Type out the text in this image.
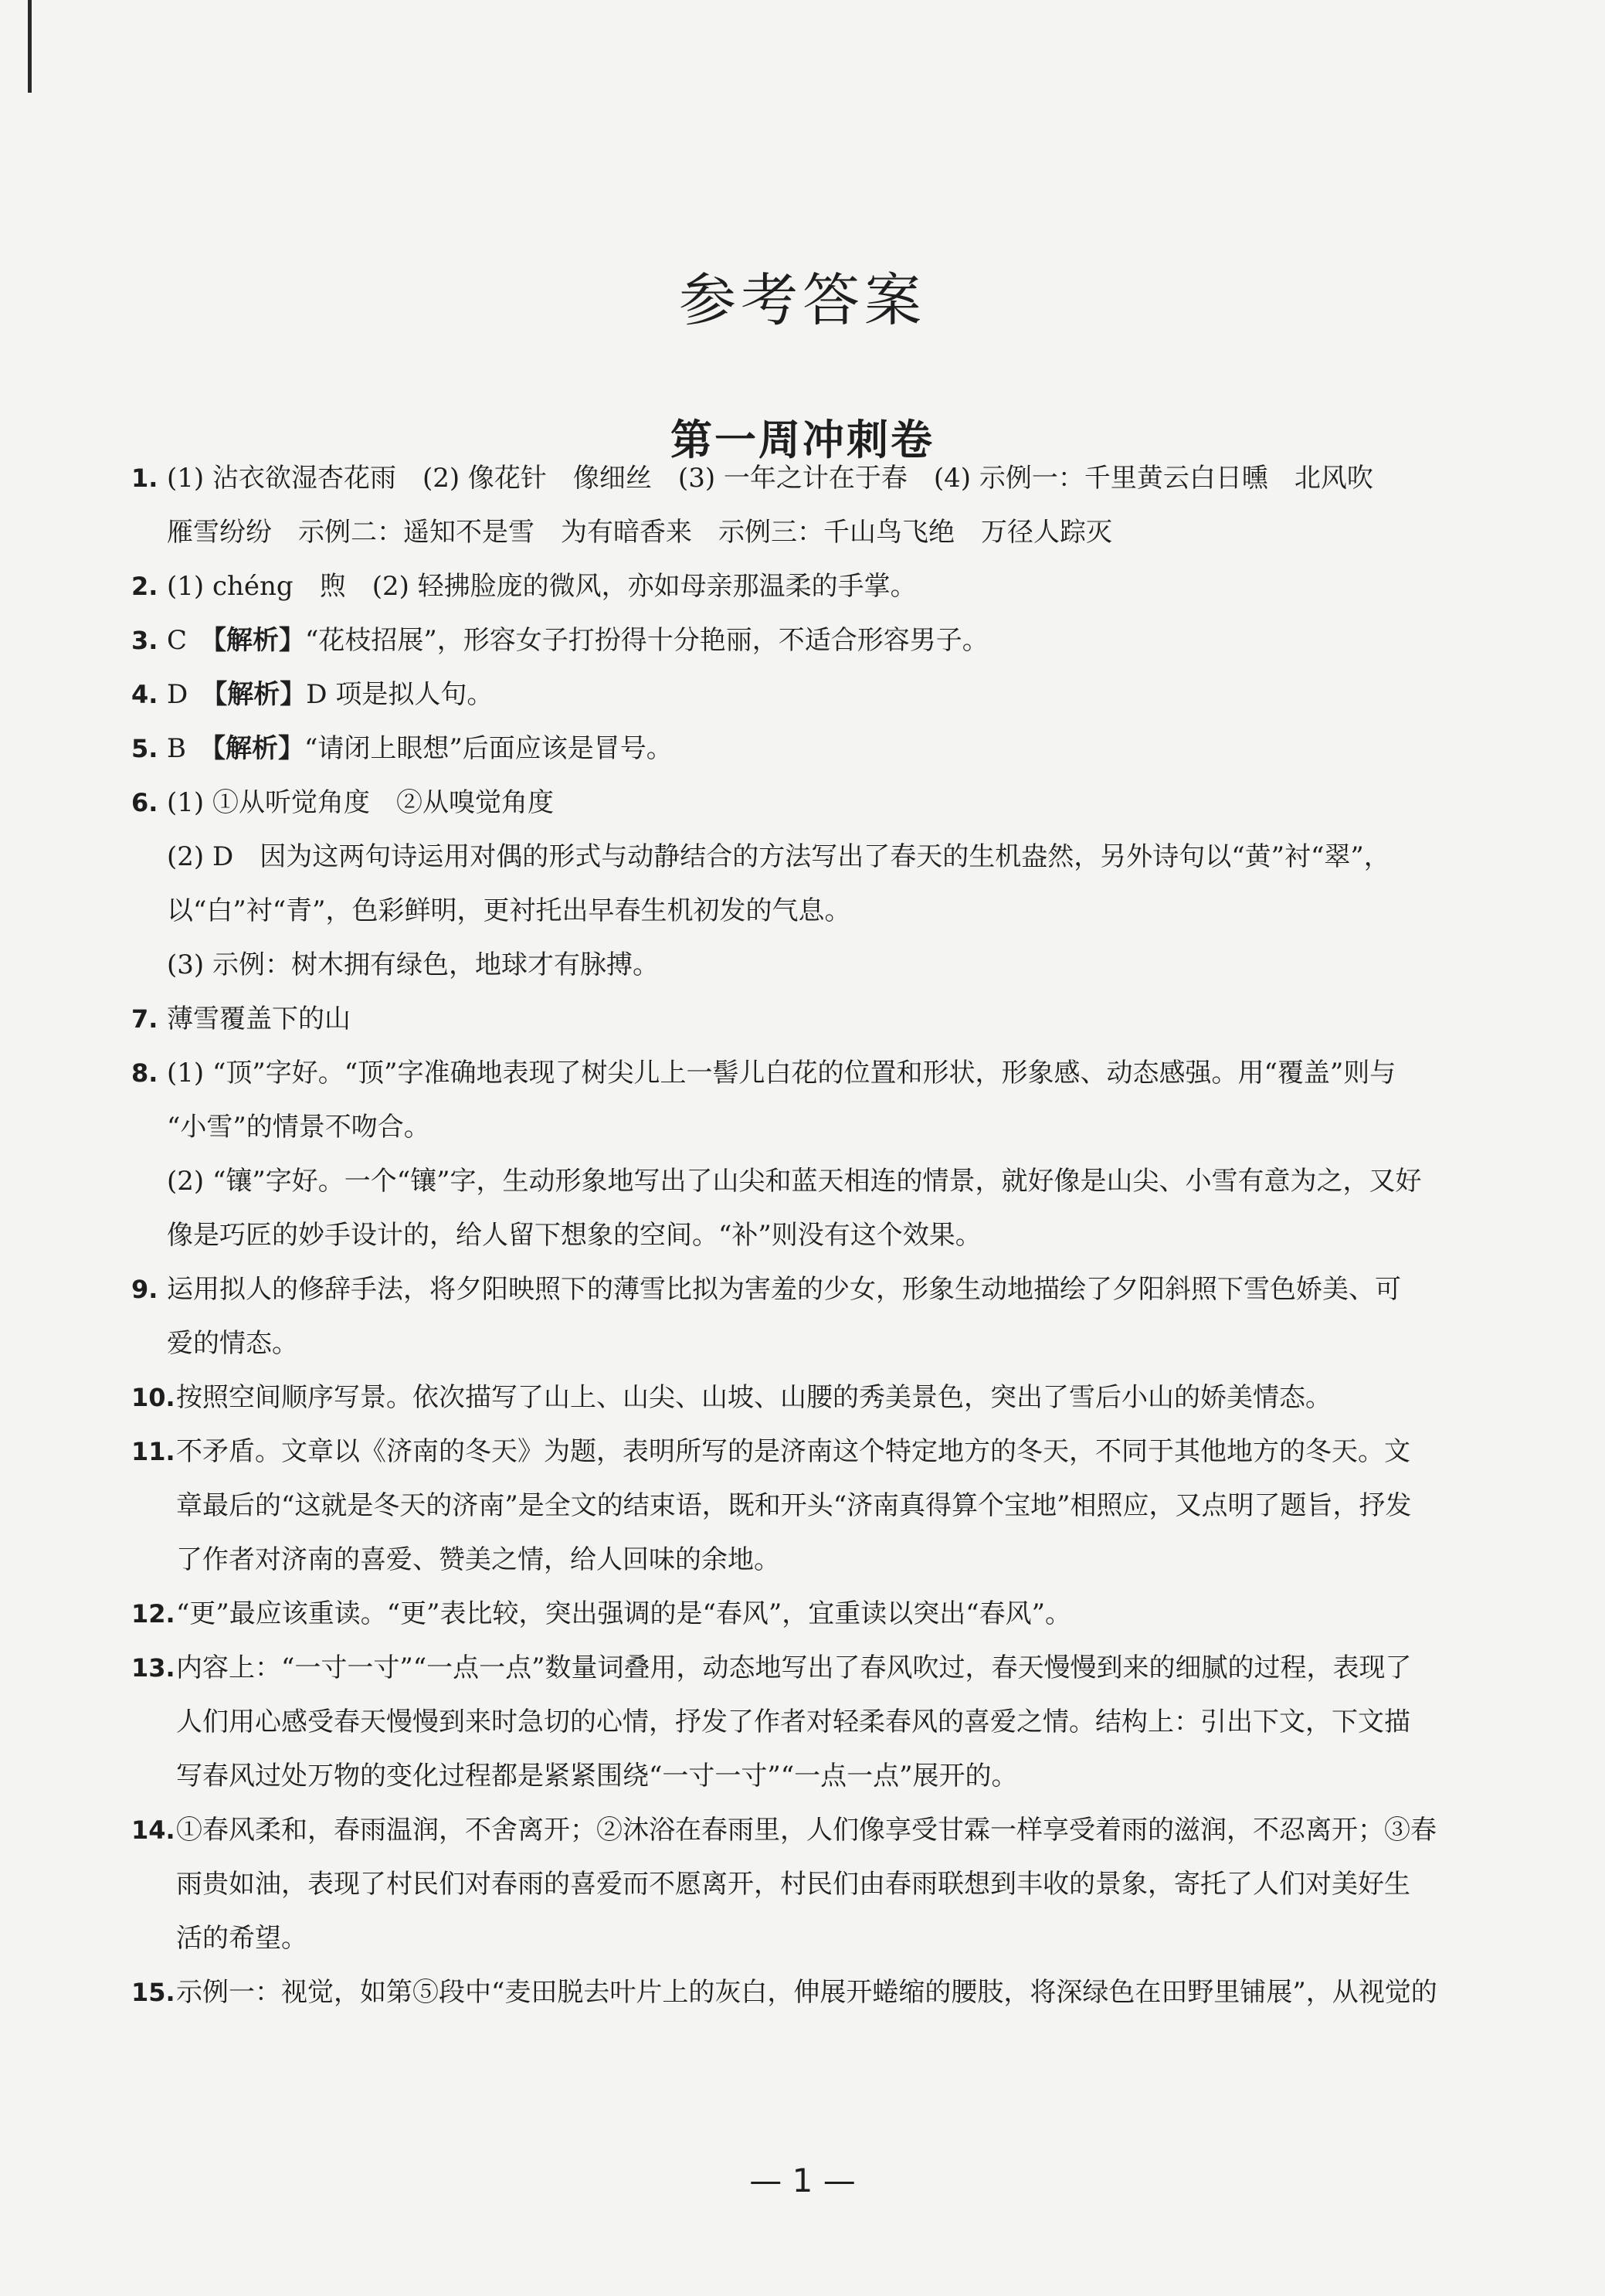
参考答案
第一周冲刺卷
1. (1) 沾衣欲湿杏花雨　(2) 像花针　像细丝　(3) 一年之计在于春　(4) 示例一：千里黄云白日曛　北风吹
雁雪纷纷　示例二：遥知不是雪　为有暗香来　示例三：千山鸟飞绝　万径人踪灭
2. (1) chéng　煦　(2) 轻拂脸庞的微风，亦如母亲那温柔的手掌。
3. C　【解析】“花枝招展”，形容女子打扮得十分艳丽，不适合形容男子。
4. D　【解析】D 项是拟人句。
5. B　【解析】“请闭上眼想”后面应该是冒号。
6. (1) ①从听觉角度　②从嗅觉角度
(2) D　因为这两句诗运用对偶的形式与动静结合的方法写出了春天的生机盎然，另外诗句以“黄”衬“翠”，
以“白”衬“青”，色彩鲜明，更衬托出早春生机初发的气息。
(3) 示例：树木拥有绿色，地球才有脉搏。
7. 薄雪覆盖下的山
8. (1) “顶”字好。“顶”字准确地表现了树尖儿上一髻儿白花的位置和形状，形象感、动态感强。用“覆盖”则与
“小雪”的情景不吻合。
(2) “镶”字好。一个“镶”字，生动形象地写出了山尖和蓝天相连的情景，就好像是山尖、小雪有意为之，又好
像是巧匠的妙手设计的，给人留下想象的空间。“补”则没有这个效果。
9. 运用拟人的修辞手法，将夕阳映照下的薄雪比拟为害羞的少女，形象生动地描绘了夕阳斜照下雪色娇美、可
爱的情态。
10. 按照空间顺序写景。依次描写了山上、山尖、山坡、山腰的秀美景色，突出了雪后小山的娇美情态。
11. 不矛盾。文章以《济南的冬天》为题，表明所写的是济南这个特定地方的冬天，不同于其他地方的冬天。文
章最后的“这就是冬天的济南”是全文的结束语，既和开头“济南真得算个宝地”相照应，又点明了题旨，抒发
了作者对济南的喜爱、赞美之情，给人回味的余地。
12. “更”最应该重读。“更”表比较，突出强调的是“春风”，宜重读以突出“春风”。
13. 内容上：“一寸一寸”“一点一点”数量词叠用，动态地写出了春风吹过，春天慢慢到来的细腻的过程，表现了
人们用心感受春天慢慢到来时急切的心情，抒发了作者对轻柔春风的喜爱之情。结构上：引出下文，下文描
写春风过处万物的变化过程都是紧紧围绕“一寸一寸”“一点一点”展开的。
14. ①春风柔和，春雨温润，不舍离开；②沐浴在春雨里，人们像享受甘霖一样享受着雨的滋润，不忍离开；③春
雨贵如油，表现了村民们对春雨的喜爱而不愿离开，村民们由春雨联想到丰收的景象，寄托了人们对美好生
活的希望。
15. 示例一：视觉，如第⑤段中“麦田脱去叶片上的灰白，伸展开蜷缩的腰肢，将深绿色在田野里铺展”，从视觉的
— 1 —
